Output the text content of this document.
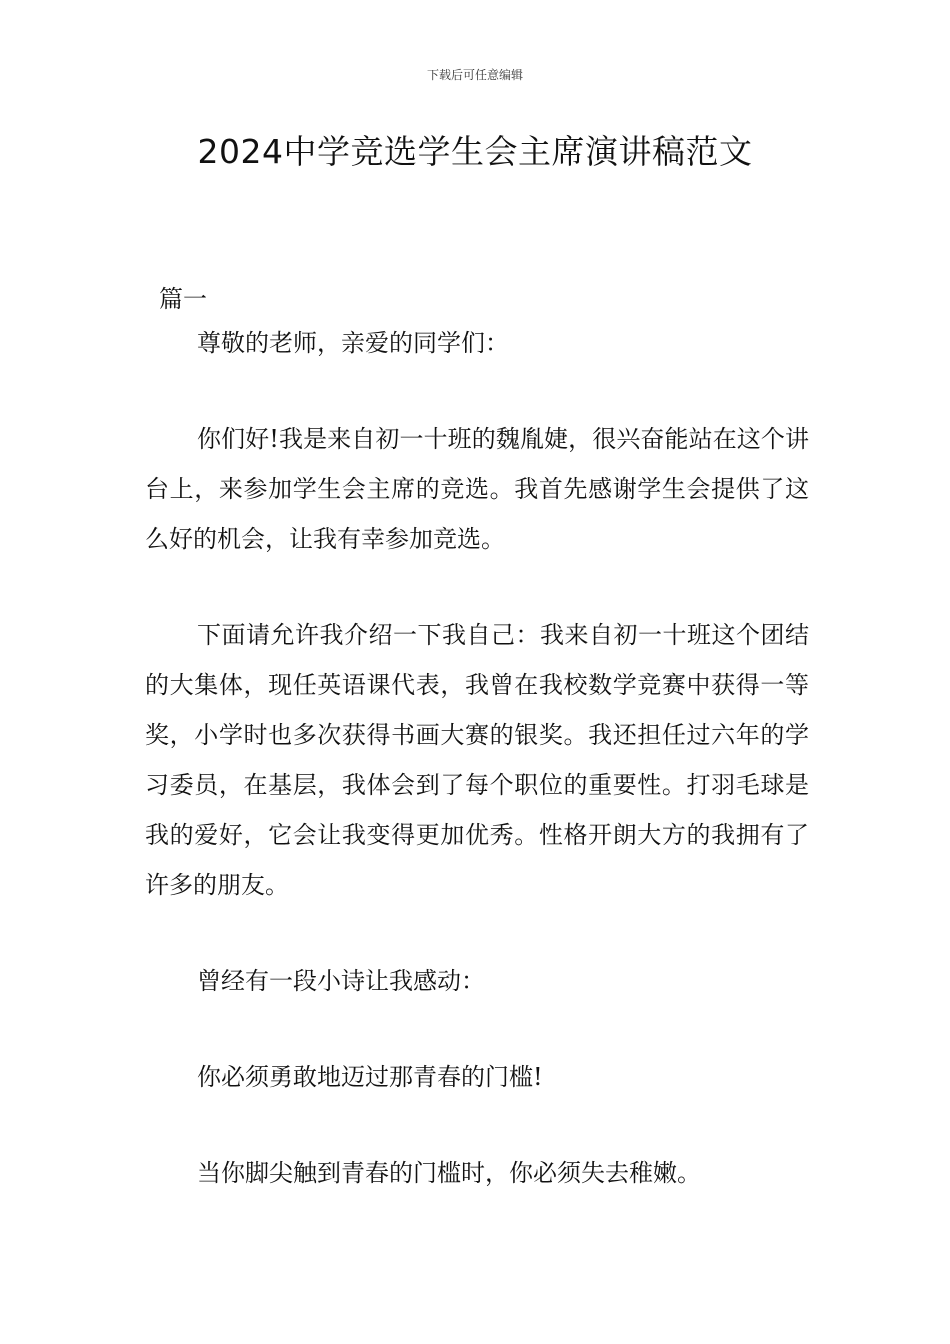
下载后可任意编辑
2024中学竞选学生会主席演讲稿范文

篇一

尊敬的老师，亲爱的同学们：

你们好!我是来自初一十班的魏胤婕，很兴奋能站在这个讲台上，来参加学生会主席的竞选。我首先感谢学生会提供了这么好的机会，让我有幸参加竞选。

下面请允许我介绍一下我自己：我来自初一十班这个团结的大集体，现任英语课代表，我曾在我校数学竞赛中获得一等奖，小学时也多次获得书画大赛的银奖。我还担任过六年的学习委员，在基层，我体会到了每个职位的重要性。打羽毛球是我的爱好，它会让我变得更加优秀。性格开朗大方的我拥有了许多的朋友。

曾经有一段小诗让我感动：

你必须勇敢地迈过那青春的门槛!

当你脚尖触到青春的门槛时，你必须失去稚嫩。
